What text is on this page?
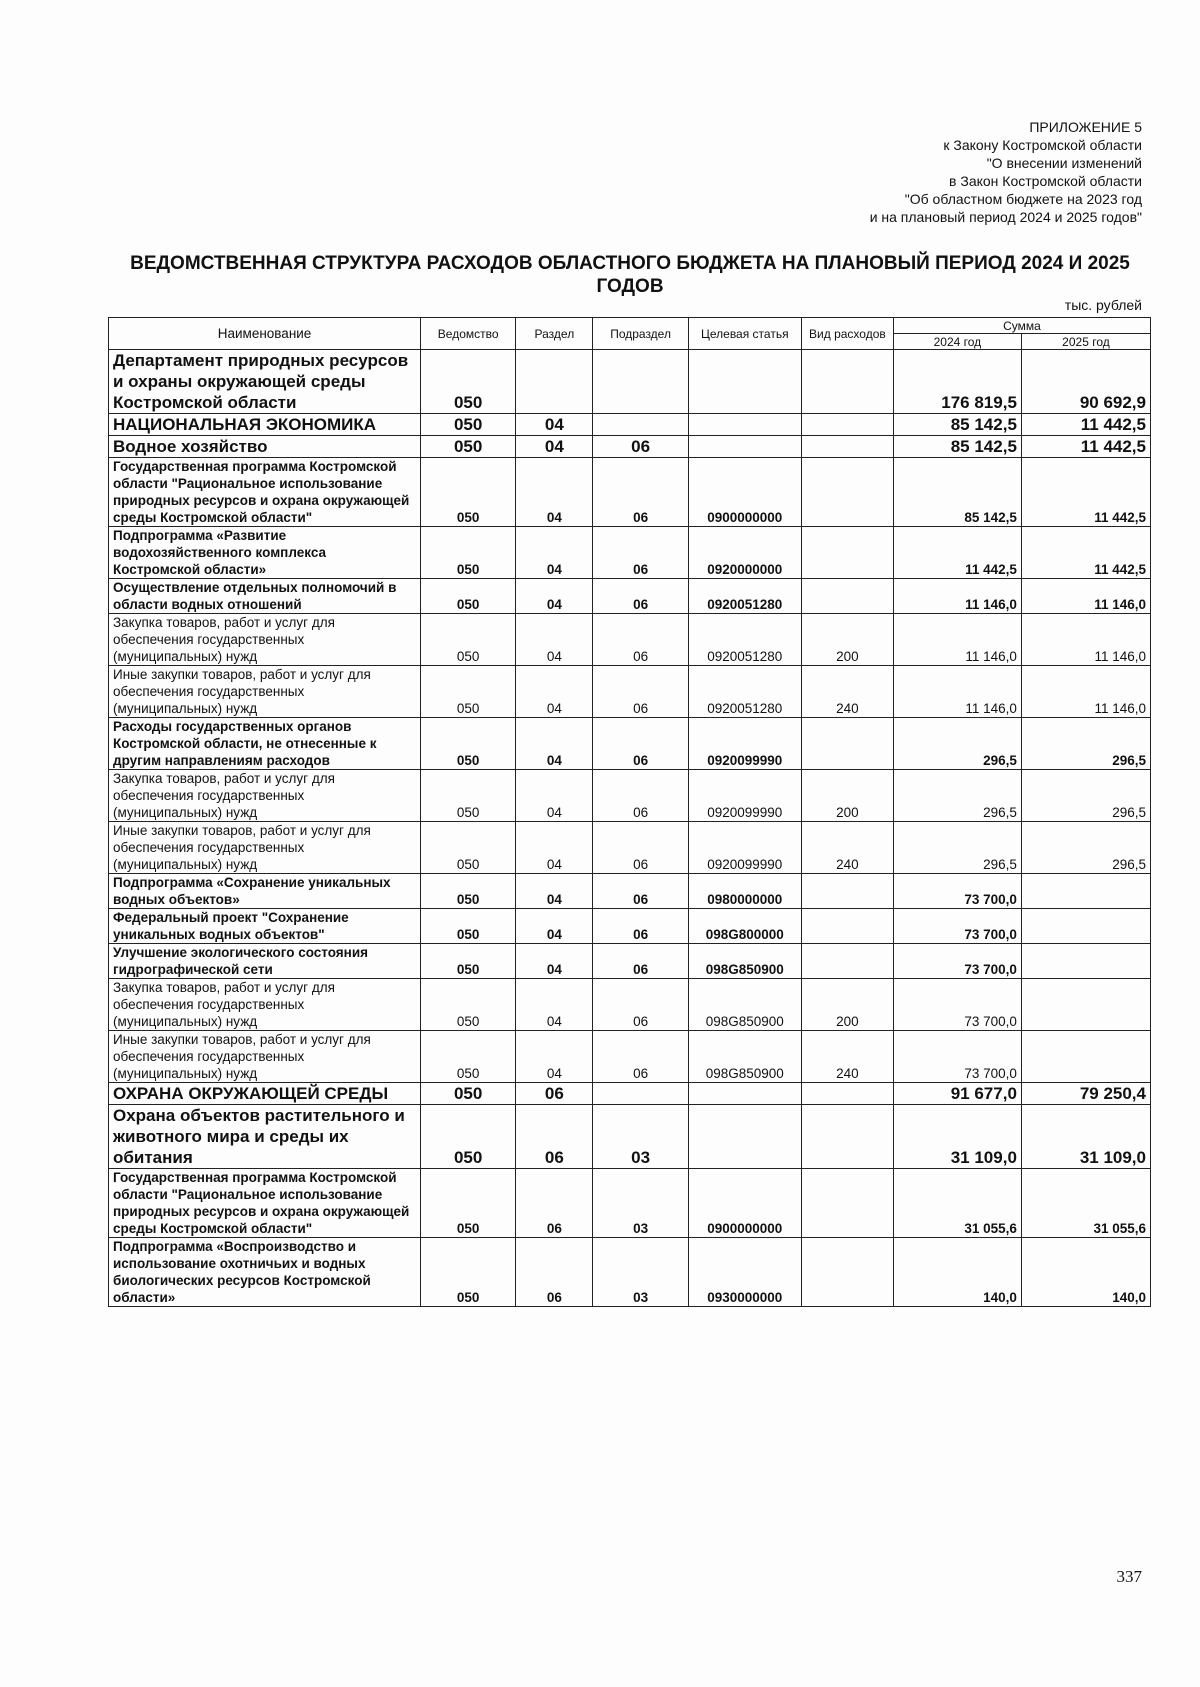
ПРИЛОЖЕНИЕ 5
к Закону Костромской области
"О внесении изменений
в Закон Костромской области
"Об областном бюджете на 2023 год
и на плановый период 2024 и 2025 годов"
ВЕДОМСТВЕННАЯ СТРУКТУРА РАСХОДОВ ОБЛАСТНОГО БЮДЖЕТА НА ПЛАНОВЫЙ ПЕРИОД 2024 И 2025 ГОДОВ
тыс. рублей
Наименование	Ведомство	Раздел	Подраздел	Целевая статья	Вид расходов	Сумма	
						2024 год	2025 год
Департамент природных ресурсов и охраны окружающей среды Костромской области	050					176 819,5	90 692,9
НАЦИОНАЛЬНАЯ ЭКОНОМИКА	050	04				85 142,5	11 442,5
Водное хозяйство	050	04	06			85 142,5	11 442,5
Государственная программа Костромской области "Рациональное использование природных ресурсов и охрана окружающей среды Костромской области"	050	04	06	0900000000		85 142,5	11 442,5
Подпрограмма «Развитие водохозяйственного комплекса Костромской области»	050	04	06	0920000000		11 442,5	11 442,5
Осуществление отдельных полномочий в области водных отношений	050	04	06	0920051280		11 146,0	11 146,0
Закупка товаров, работ и услуг для обеспечения государственных (муниципальных) нужд	050	04	06	0920051280	200	11 146,0	11 146,0
Иные закупки товаров, работ и услуг для обеспечения государственных (муниципальных) нужд	050	04	06	0920051280	240	11 146,0	11 146,0
Расходы государственных органов Костромской области, не отнесенные к другим направлениям расходов	050	04	06	0920099990		296,5	296,5
Закупка товаров, работ и услуг для обеспечения государственных (муниципальных) нужд	050	04	06	0920099990	200	296,5	296,5
Иные закупки товаров, работ и услуг для обеспечения государственных (муниципальных) нужд	050	04	06	0920099990	240	296,5	296,5
Подпрограмма «Сохранение уникальных водных объектов»	050	04	06	0980000000		73 700,0	
Федеральный проект "Сохранение уникальных водных объектов"	050	04	06	098G800000		73 700,0	
Улучшение экологического состояния гидрографической сети	050	04	06	098G850900		73 700,0	
Закупка товаров, работ и услуг для обеспечения государственных (муниципальных) нужд	050	04	06	098G850900	200	73 700,0	
Иные закупки товаров, работ и услуг для обеспечения государственных (муниципальных) нужд	050	04	06	098G850900	240	73 700,0	
ОХРАНА ОКРУЖАЮЩЕЙ СРЕДЫ	050	06				91 677,0	79 250,4
Охрана объектов растительного и животного мира и среды их обитания	050	06	03			31 109,0	31 109,0
Государственная программа Костромской области "Рациональное использование природных ресурсов и охрана окружающей среды Костромской области"	050	06	03	0900000000		31 055,6	31 055,6
Подпрограмма «Воспроизводство и использование охотничьих и водных биологических ресурсов Костромской области»	050	06	03	0930000000		140,0	140,0
337
